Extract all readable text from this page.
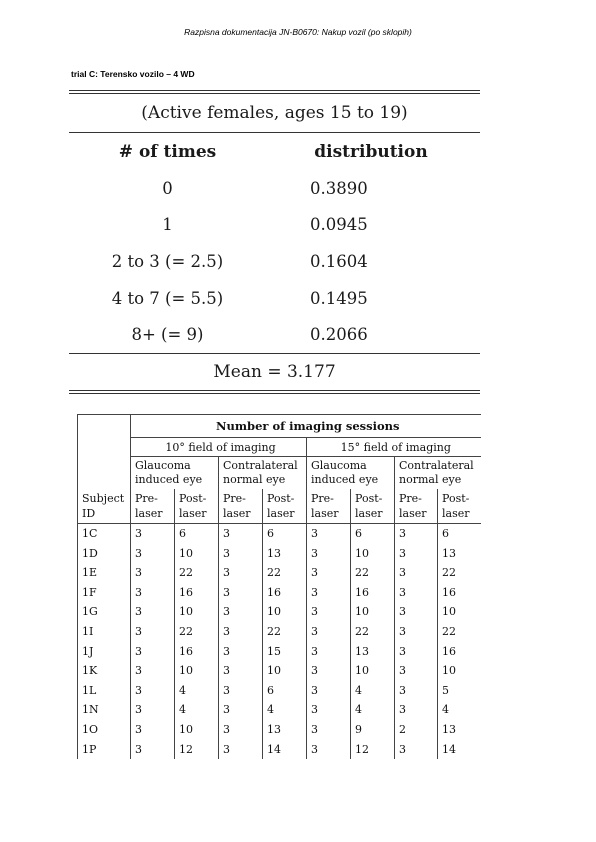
Razpisna dokumentacija JN-B0670: Nakup vozil (po sklopih)
trial C: Terensko vozilo – 4 WD
(Active females, ages 15 to 19)
# of times	distribution
0	0.3890
1	0.0945
2 to 3 (= 2.5)	0.1604
4 to 7 (= 5.5)	0.1495
8+ (= 9)	0.2066
Mean = 3.177
	Number of imaging sessions							
	10° field of imaging				15° field of imaging			
	Glaucoma induced eye		Contralateral normal eye		Glaucoma induced eye		Contralateral normal eye	
Subject ID	Pre-laser	Post-laser	Pre-laser	Post-laser	Pre-laser	Post-laser	Pre-laser	Post-laser
1C	3	6	3	6	3	6	3	6
1D	3	10	3	13	3	10	3	13
1E	3	22	3	22	3	22	3	22
1F	3	16	3	16	3	16	3	16
1G	3	10	3	10	3	10	3	10
1I	3	22	3	22	3	22	3	22
1J	3	16	3	15	3	13	3	16
1K	3	10	3	10	3	10	3	10
1L	3	4	3	6	3	4	3	5
1N	3	4	3	4	3	4	3	4
1O	3	10	3	13	3	9	2	13
1P	3	12	3	14	3	12	3	14
